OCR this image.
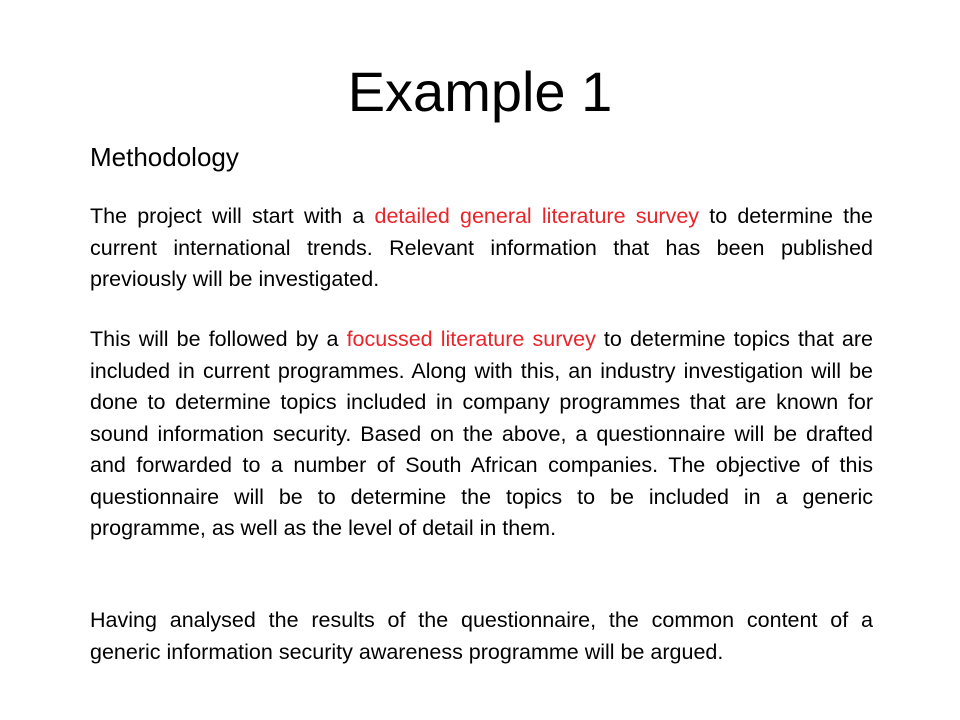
Example 1
Methodology

The project will start with a detailed general literature survey to determine the current international trends. Relevant information that has been published previously will be investigated.

This will be followed by a focussed literature survey to determine topics that are included in current programmes. Along with this, an industry investigation will be done to determine topics included in company programmes that are known for sound information security. Based on the above, a questionnaire will be drafted and forwarded to a number of South African companies. The objective of this questionnaire will be to determine the topics to be included in a generic programme, as well as the level of detail in them.

Having analysed the results of the questionnaire, the common content of a generic information security awareness programme will be argued.
